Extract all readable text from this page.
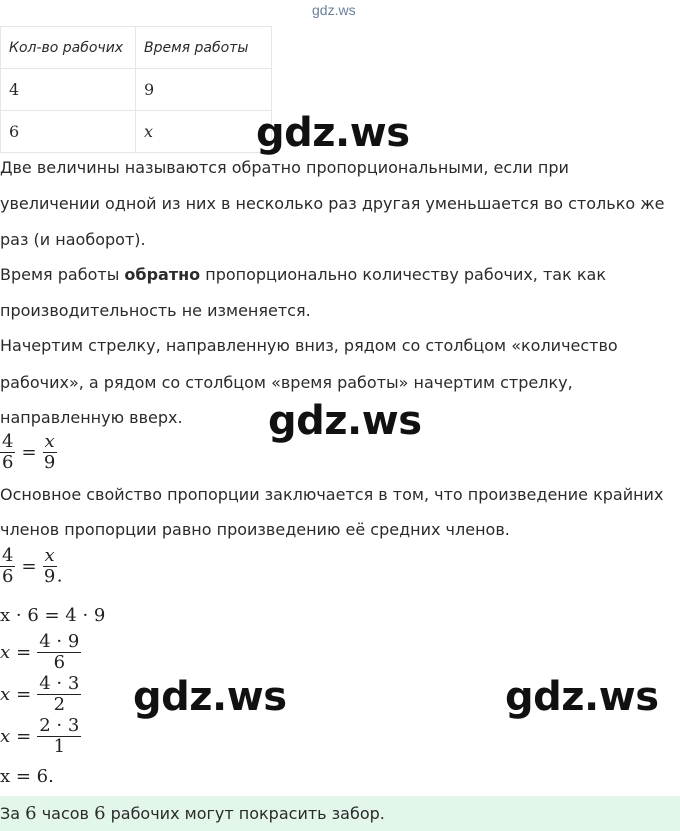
gdz.ws
Кол-во рабочих	Время работы
4	9
6	x

Две величины называются обратно пропорциональными, если при

увеличении одной из них в несколько раз другая уменьшается во столько же

раз (и наоборот).

Время работы обратно пропорционально количеству рабочих, так как

производительность не изменяется.

Начертим стрелку, направленную вниз, рядом со столбцом «количество

рабочих», а рядом со столбцом «время работы» начертим стрелку,

направленную вверх.

$\frac{4}{6} = \frac{x}{9}$

Основное свойство пропорции заключается в том, что произведение крайних

членов пропорции равно произведению её средних членов.

$\frac{4}{6} = \frac{x}{9}$ .
x · 6 = 4 · 9
$x = \frac{4 \cdot 9}{6}$
$x = \frac{4 \cdot 3}{2}$
$x = \frac{2 \cdot 3}{1}$
x = 6.
За 6 часов 6 рабочих могут покрасить забор.
gdz.ws
gdz.ws
gdz.ws	gdz.ws
